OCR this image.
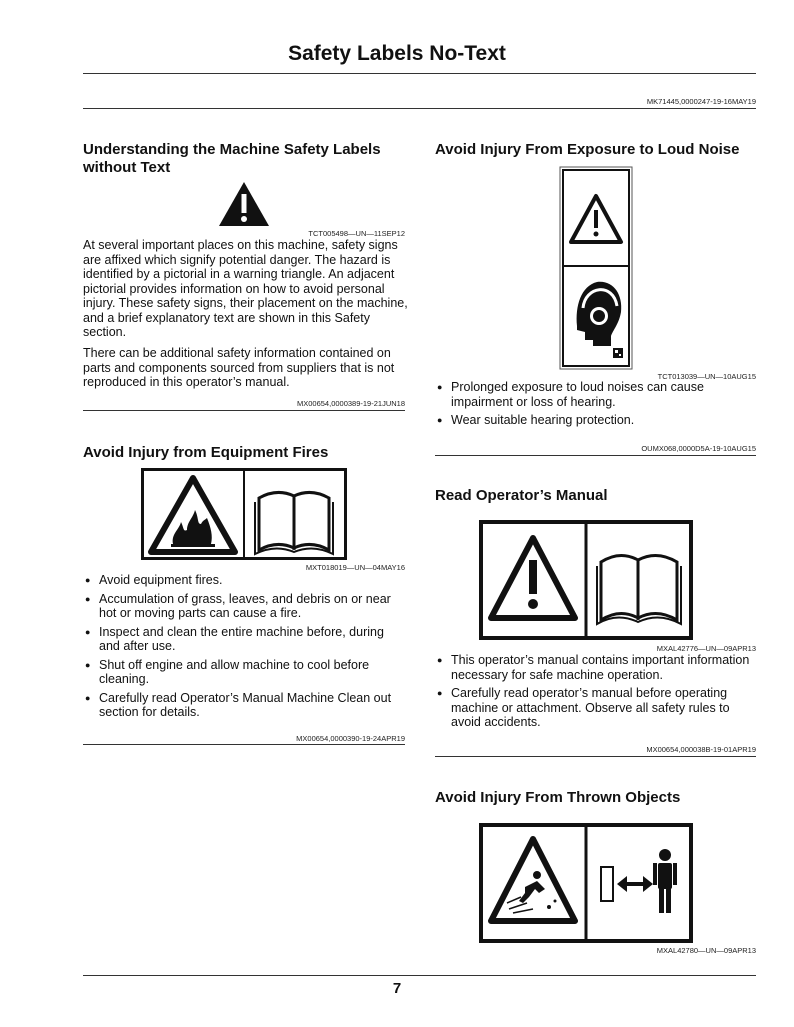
Safety Labels No-Text
MK71445,0000247-19-16MAY19
Understanding the Machine Safety Labels without Text
TCT005498—UN—11SEP12
At several important places on this machine, safety signs are affixed which signify potential danger. The hazard is identified by a pictorial in a warning triangle. An adjacent pictorial provides information on how to avoid personal injury. These safety signs, their placement on the machine, and a brief explanatory text are shown in this Safety section.
There can be additional safety information contained on parts and components sourced from suppliers that is not reproduced in this operator’s manual.
MX00654,0000389-19-21JUN18
Avoid Injury from Equipment Fires
MXT018019—UN—04MAY16
● Avoid equipment fires.
● Accumulation of grass, leaves, and debris on or near hot or moving parts can cause a fire.
● Inspect and clean the entire machine before, during and after use.
● Shut off engine and allow machine to cool before cleaning.
● Carefully read Operator’s Manual Machine Clean out section for details.
MX00654,0000390-19-24APR19
Avoid Injury From Exposure to Loud Noise
TCT013039—UN—10AUG15
● Prolonged exposure to loud noises can cause impairment or loss of hearing.
● Wear suitable hearing protection.
OUMX068,0000D5A-19-10AUG15
Read Operator’s Manual
MXAL42776—UN—09APR13
● This operator’s manual contains important information necessary for safe machine operation.
● Carefully read operator’s manual before operating machine or attachment. Observe all safety rules to avoid accidents.
MX00654,000038B-19-01APR19
Avoid Injury From Thrown Objects
MXAL42780—UN—09APR13
7
